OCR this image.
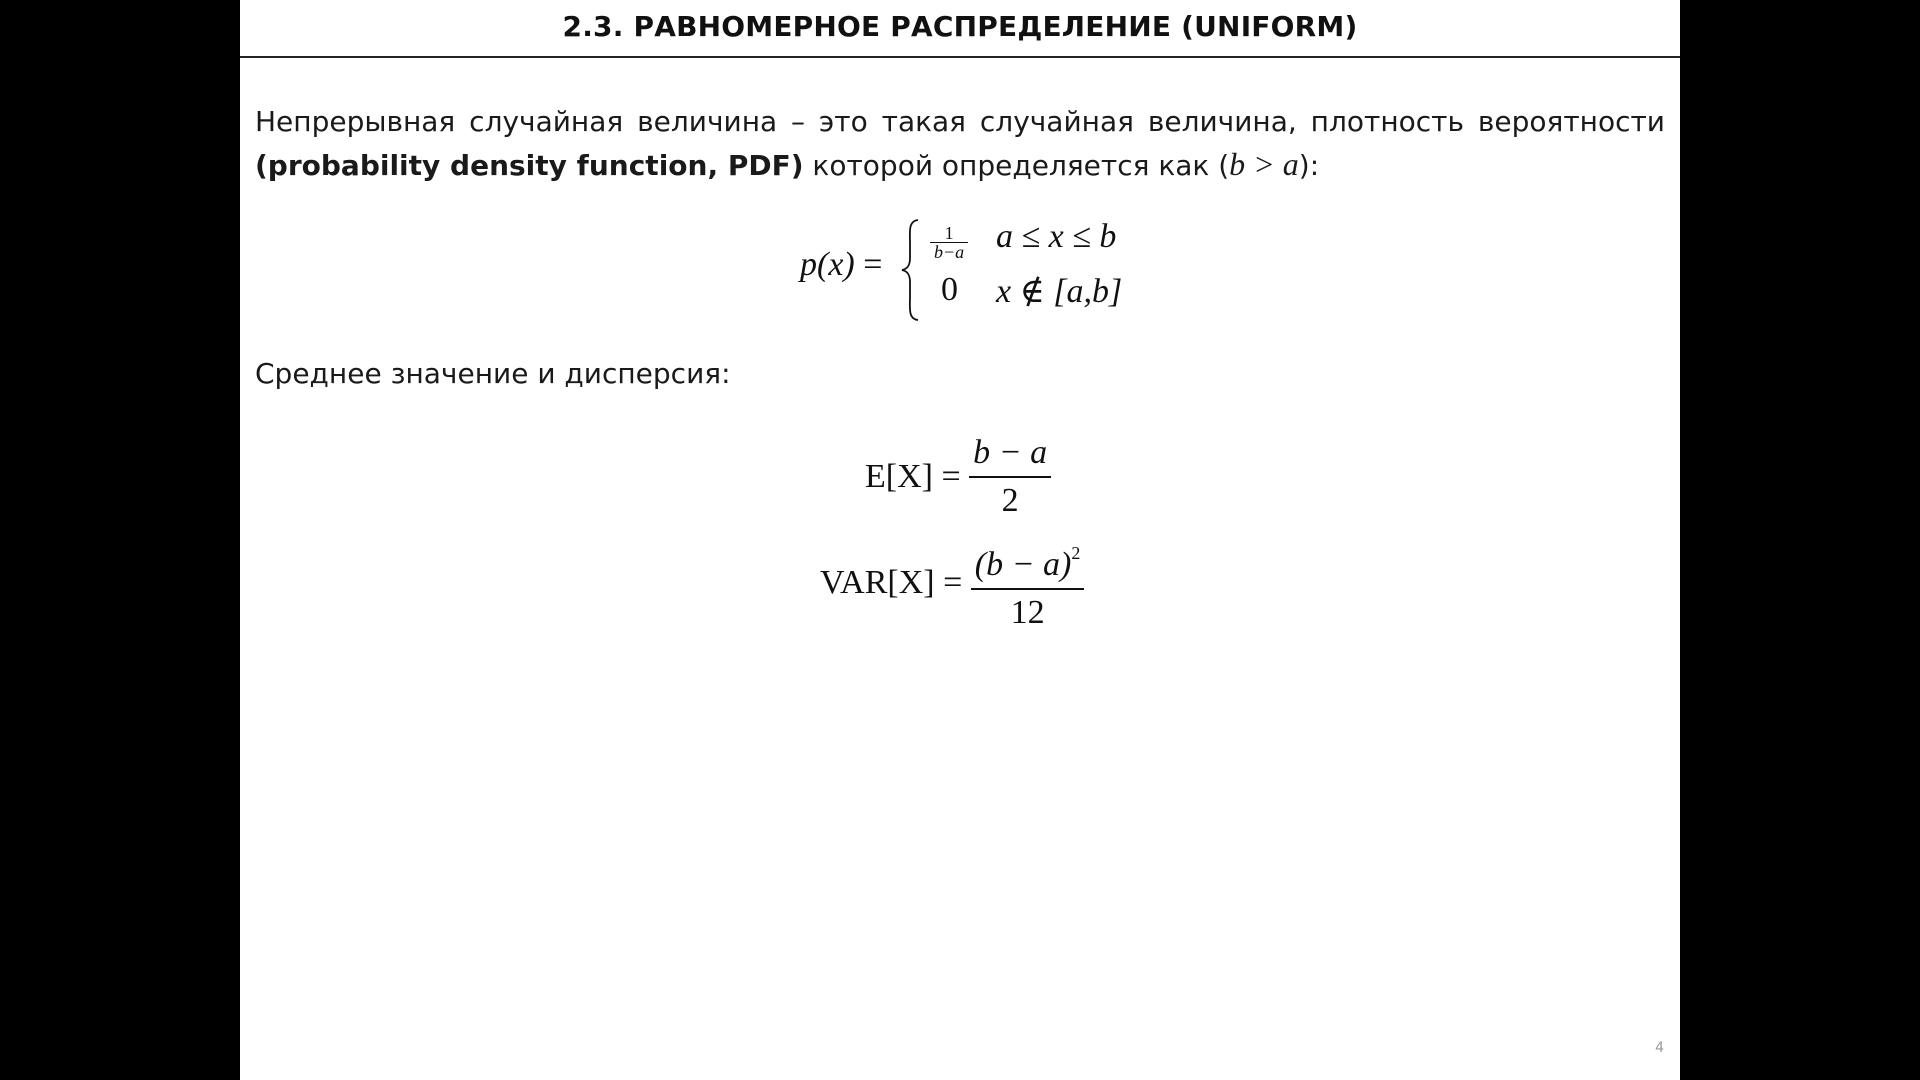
2.3. РАВНОМЕРНОЕ РАСПРЕДЕЛЕНИЕ (UNIFORM)
Непрерывная случайная величина – это такая случайная величина, плотность вероятности (probability density function, PDF) которой определяется как (b > a):
p(x) =
$\frac{1}{b-a}$ a ≤ x ≤ b
0 x ∉ [a,b]
Среднее значение и дисперсия:
$E[X] = \frac{b - a}{2}$
$VAR[X] = \frac{(b - a)^2}{12}$
4
